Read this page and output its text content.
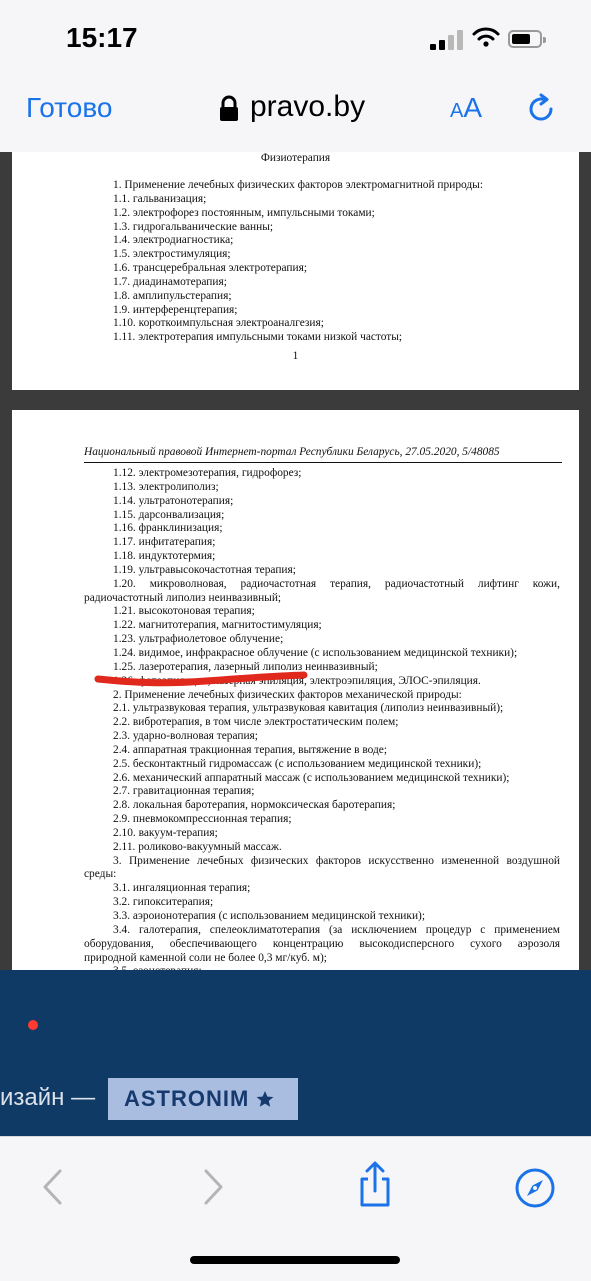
15:17
Готово	pravo.by	AA
Физиотерапия
1. Применение лечебных физических факторов электромагнитной природы:
1.1. гальванизация;
1.2. электрофорез постоянным, импульсными токами;
1.3. гидрогальванические ванны;
1.4. электродиагностика;
1.5. электростимуляция;
1.6. трансцеребральная электротерапия;
1.7. диадинамотерапия;
1.8. амплипульстерапия;
1.9. интерференцтерапия;
1.10. короткоимпульсная электроаналгезия;
1.11. электротерапия импульсными токами низкой частоты;
1
Национальный правовой Интернет-портал Республики Беларусь, 27.05.2020, 5/48085
1.12. электромезотерапия, гидрофорез;
1.13. электролиполиз;
1.14. ультратонотерапия;
1.15. дарсонвализация;
1.16. франклинизация;
1.17. инфитатерапия;
1.18. индуктотермия;
1.19. ультравысокочастотная терапия;
1.20. микроволновая, радиочастотная терапия, радиочастотный лифтинг кожи,
радиочастотный липолиз неинвазивный;
1.21. высокотоновая терапия;
1.22. магнитотерапия, магнитостимуляция;
1.23. ультрафиолетовое облучение;
1.24. видимое, инфракрасное облучение (с использованием медицинской техники);
1.25. лазеротерапия, лазерный липолиз неинвазивный;
1.26. фотоэпиляция, лазерная эпиляция, электроэпиляция, ЭЛОС-эпиляция.
2. Применение лечебных физических факторов механической природы:
2.1. ультразвуковая терапия, ультразвуковая кавитация (липолиз неинвазивный);
2.2. вибротерапия, в том числе электростатическим полем;
2.3. ударно-волновая терапия;
2.4. аппаратная тракционная терапия, вытяжение в воде;
2.5. бесконтактный гидромассаж (с использованием медицинской техники);
2.6. механический аппаратный массаж (с использованием медицинской техники);
2.7. гравитационная терапия;
2.8. локальная баротерапия, нормоксическая баротерапия;
2.9. пневмокомпрессионная терапия;
2.10. вакуум-терапия;
2.11. роликово-вакуумный массаж.
3. Применение лечебных физических факторов искусственно измененной воздушной
среды:
3.1. ингаляционная терапия;
3.2. гипокситерапия;
3.3. аэроионотерапия (с использованием медицинской техники);
3.4. галотерапия, спелеоклиматотерапия (за исключением процедур с применением
оборудования, обеспечивающего концентрацию высокодисперсного сухого аэрозоля
природной каменной соли не более 0,3 мг/куб. м);
изайн —	ASTRONIM
